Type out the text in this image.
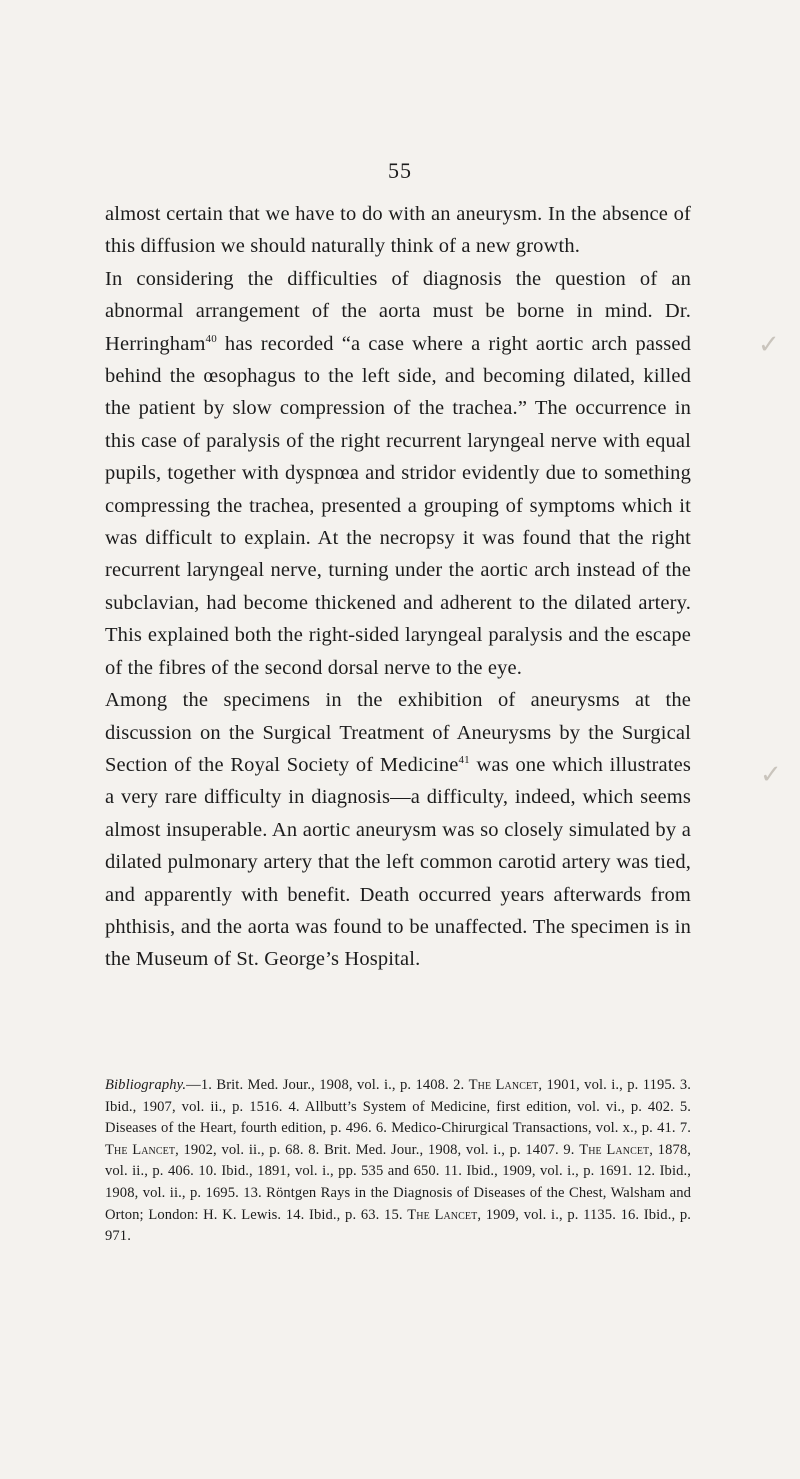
55

almost certain that we have to do with an aneurysm. In the absence of this diffusion we should naturally think of a new growth.

In considering the difficulties of diagnosis the question of an abnormal arrangement of the aorta must be borne in mind. Dr. Herringham$^{40}$ has recorded “a case where a right aortic arch passed behind the œsophagus to the left side, and becoming dilated, killed the patient by slow compression of the trachea.” The occurrence in this case of paralysis of the right recurrent laryngeal nerve with equal pupils, together with dyspnœa and stridor evidently due to something compressing the trachea, presented a grouping of symptoms which it was difficult to explain. At the necropsy it was found that the right recurrent laryngeal nerve, turning under the aortic arch instead of the subclavian, had become thickened and adherent to the dilated artery. This explained both the right-sided laryngeal paralysis and the escape of the fibres of the second dorsal nerve to the eye.

Among the specimens in the exhibition of aneurysms at the discussion on the Surgical Treatment of Aneurysms by the Surgical Section of the Royal Society of Medicine$^{41}$ was one which illustrates a very rare difficulty in diagnosis—a difficulty, indeed, which seems almost insuperable. An aortic aneurysm was so closely simulated by a dilated pulmonary artery that the left common carotid artery was tied, and apparently with benefit. Death occurred years afterwards from phthisis, and the aorta was found to be unaffected. The specimen is in the Museum of St. George’s Hospital.

Bibliography.—1. Brit. Med. Jour., 1908, vol. i., p. 1408. 2. The Lancet, 1901, vol. i., p. 1195. 3. Ibid., 1907, vol. ii., p. 1516. 4. Allbutt’s System of Medicine, first edition, vol. vi., p. 402. 5. Diseases of the Heart, fourth edition, p. 496. 6. Medico-Chirurgical Transactions, vol. x., p. 41. 7. The Lancet, 1902, vol. ii., p. 68. 8. Brit. Med. Jour., 1908, vol. i., p. 1407. 9. The Lancet, 1878, vol. ii., p. 406. 10. Ibid., 1891, vol. i., pp. 535 and 650. 11. Ibid., 1909, vol. i., p. 1691. 12. Ibid., 1908, vol. ii., p. 1695. 13. Röntgen Rays in the Diagnosis of Diseases of the Chest, Walsham and Orton; London: H. K. Lewis. 14. Ibid., p. 63. 15. The Lancet, 1909, vol. i., p. 1135. 16. Ibid., p. 971.
✓
✓
